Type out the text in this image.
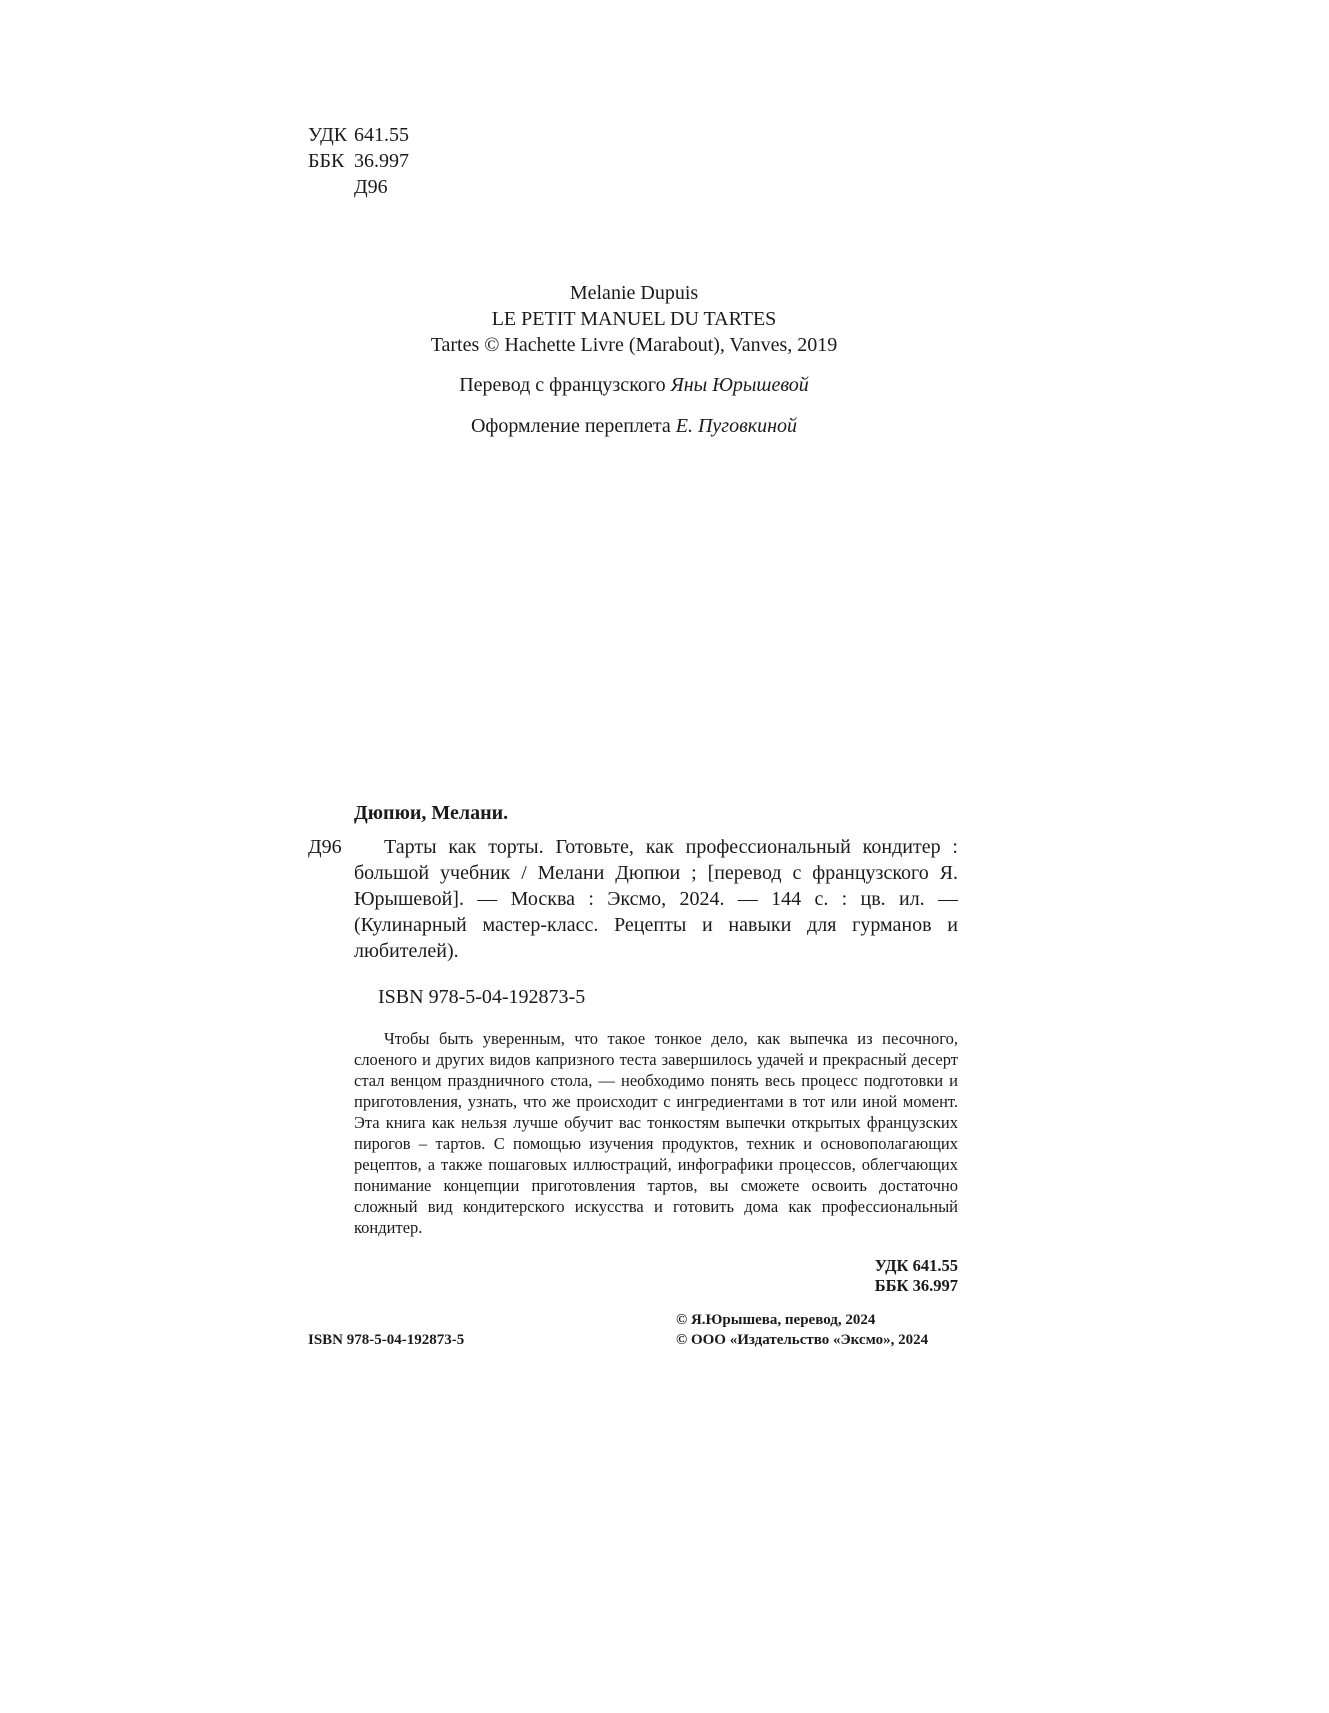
УДК 641.55
ББК 36.997
Д96
Melanie Dupuis
LE PETIT MANUEL DU TARTES
Tartes © Hachette Livre (Marabout), Vanves, 2019
Перевод с французского Яны Юрышевой
Оформление переплета Е. Пуговкиной
Дюпюи, Мелани.
Д96	Тарты как торты. Готовьте, как профессиональный кондитер : большой учебник / Мелани Дюпюи ; [перевод с французского Я. Юрышевой]. — Москва : Эксмо, 2024. — 144 с. : цв. ил. — (Кулинарный мастер-класс. Рецепты и навыки для гурманов и любителей).
ISBN 978-5-04-192873-5

Чтобы быть уверенным, что такое тонкое дело, как выпечка из песочного, слоеного и других видов капризного теста завершилось удачей и прекрасный десерт стал венцом праздничного стола, — необходимо понять весь процесс подготовки и приготовления, узнать, что же происходит с ингредиентами в тот или иной момент. Эта книга как нельзя лучше обучит вас тонкостям выпечки открытых французских пирогов – тартов. С помощью изучения продуктов, техник и основополагающих рецептов, а также пошаговых иллюстраций, инфографики процессов, облегчающих понимание концепции приготовления тартов, вы сможете освоить достаточно сложный вид кондитерского искусства и готовить дома как профессиональный кондитер.

УДК 641.55
ББК 36.997
ISBN 978-5-04-192873-5
© Я.Юрышева, перевод, 2024
© ООО «Издательство «Эксмо», 2024
